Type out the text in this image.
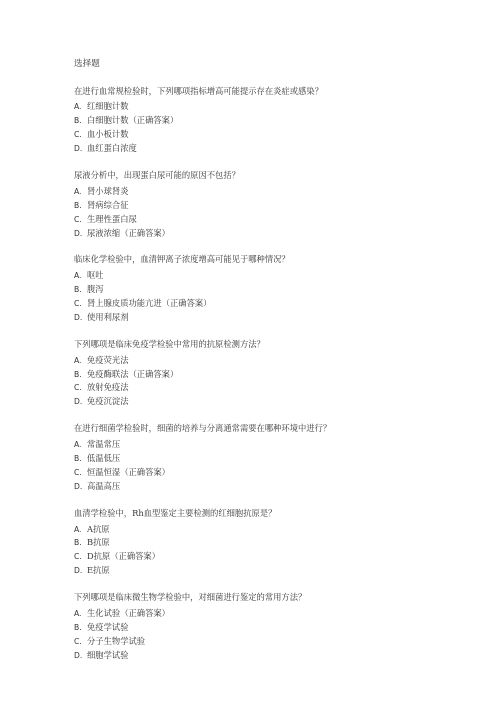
选择题
在进行血常规检验时，下列哪项指标增高可能提示存在炎症或感染？
A. 红细胞计数
B. 白细胞计数（正确答案）
C. 血小板计数
D. 血红蛋白浓度
尿液分析中，出现蛋白尿可能的原因不包括？
A. 肾小球肾炎
B. 肾病综合征
C. 生理性蛋白尿
D. 尿液浓缩（正确答案）
临床化学检验中，血清钾离子浓度增高可能见于哪种情况？
A. 呕吐
B. 腹泻
C. 肾上腺皮质功能亢进（正确答案）
D. 使用利尿剂
下列哪项是临床免疫学检验中常用的抗原检测方法？
A. 免疫荧光法
B. 免疫酶联法（正确答案）
C. 放射免疫法
D. 免疫沉淀法
在进行细菌学检验时，细菌的培养与分离通常需要在哪种环境中进行？
A. 常温常压
B. 低温低压
C. 恒温恒湿（正确答案）
D. 高温高压
血清学检验中，Rh血型鉴定主要检测的红细胞抗原是？
A. A抗原
B. B抗原
C. D抗原（正确答案）
D. E抗原
下列哪项是临床微生物学检验中，对细菌进行鉴定的常用方法？
A. 生化试验（正确答案）
B. 免疫学试验
C. 分子生物学试验
D. 细胞学试验
